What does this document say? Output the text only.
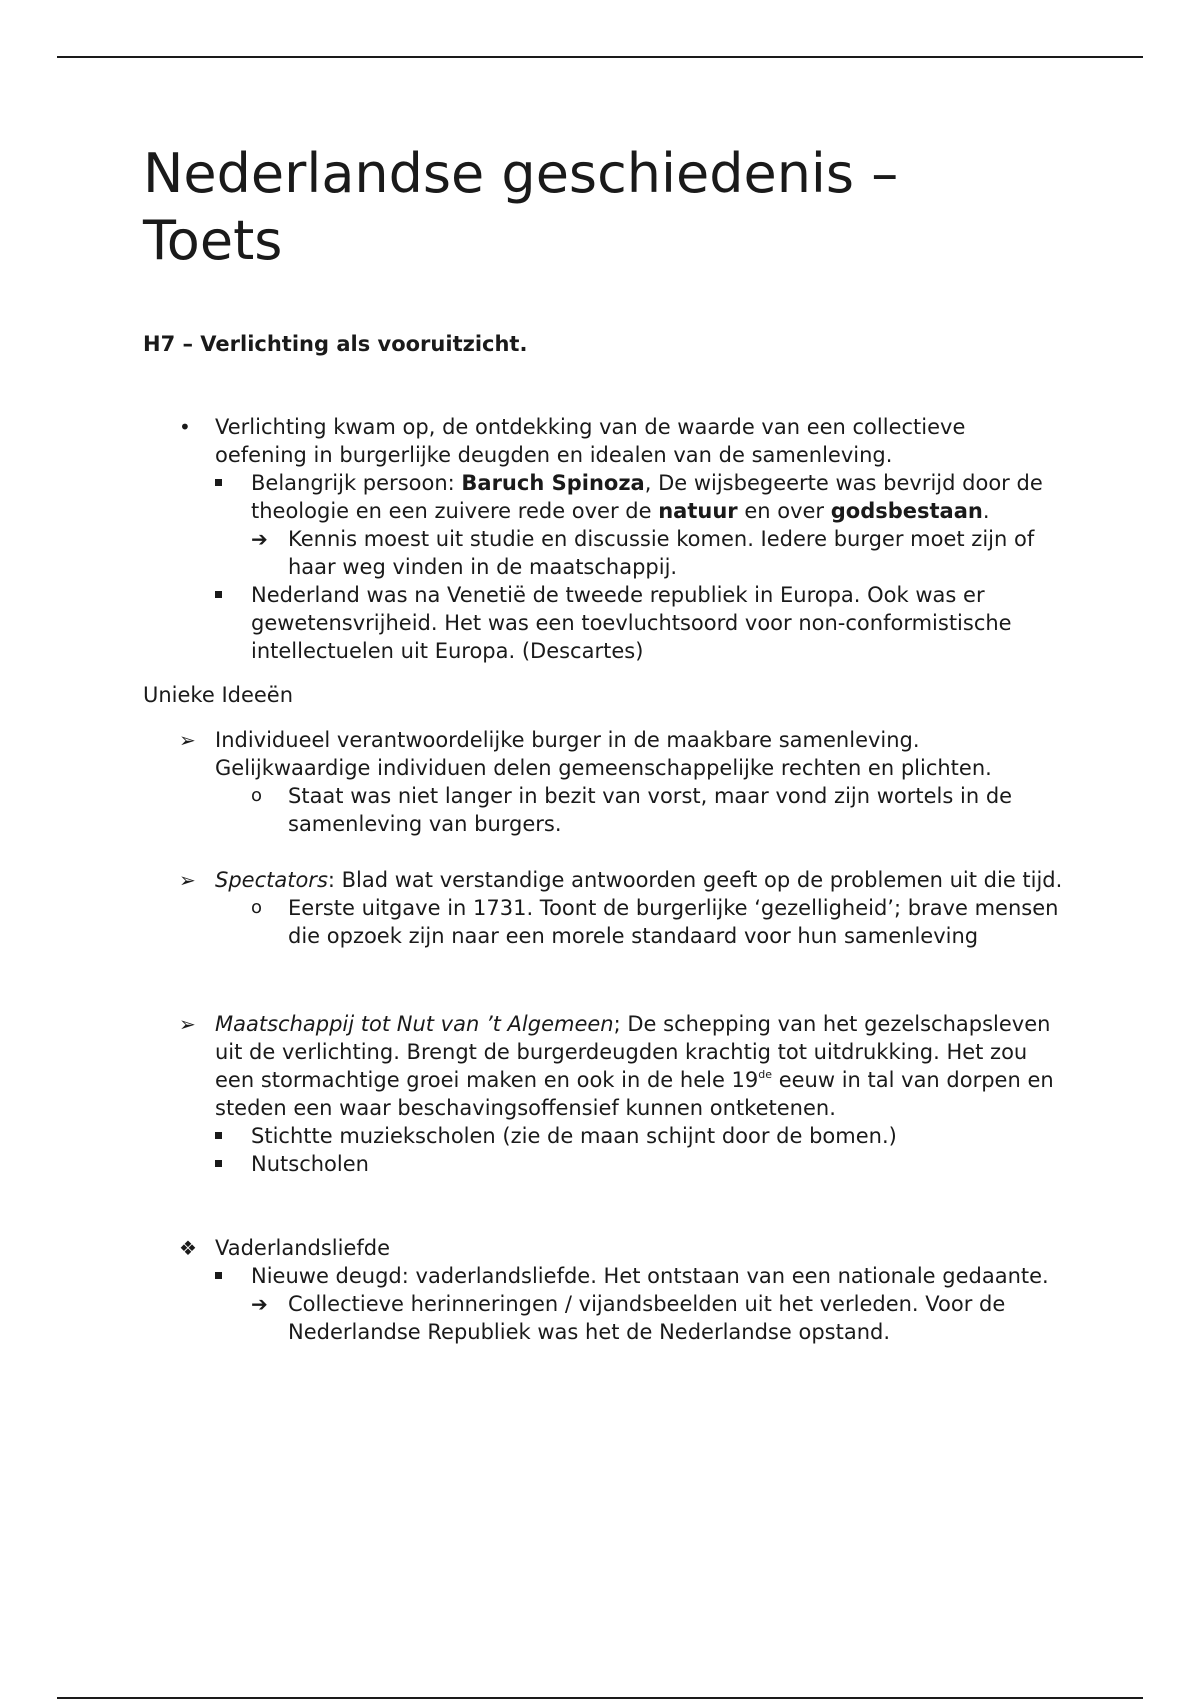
Nederlandse geschiedenis –
Toets
H7 – Verlichting als vooruitzicht.
•	Verlichting kwam op, de ontdekking van de waarde van een collectieve oefening in burgerlijke deugden en idealen van de samenleving.
Belangrijk persoon: Baruch Spinoza, De wijsbegeerte was bevrijd door de theologie en een zuivere rede over de natuur en over godsbestaan.
➔ Kennis moest uit studie en discussie komen. Iedere burger moet zijn of haar weg vinden in de maatschappij.
Nederland was na Venetië de tweede republiek in Europa. Ook was er gewetensvrijheid. Het was een toevluchtsoord voor non-conformistische intellectuelen uit Europa. (Descartes)
Unieke Ideeën
➢ Individueel verantwoordelijke burger in de maakbare samenleving. Gelijkwaardige individuen delen gemeenschappelijke rechten en plichten.
o	Staat was niet langer in bezit van vorst, maar vond zijn wortels in de samenleving van burgers.
➢ Spectators: Blad wat verstandige antwoorden geeft op de problemen uit die tijd.
o	Eerste uitgave in 1731. Toont de burgerlijke ‘gezelligheid’; brave mensen die opzoek zijn naar een morele standaard voor hun samenleving
➢ Maatschappij tot Nut van ’t Algemeen; De schepping van het gezelschapsleven uit de verlichting. Brengt de burgerdeugden krachtig tot uitdrukking. Het zou een stormachtige groei maken en ook in de hele 19de eeuw in tal van dorpen en steden een waar beschavingsoffensief kunnen ontketenen.
Stichtte muziekscholen (zie de maan schijnt door de bomen.)
Nutscholen
❖ Vaderlandsliefde
Nieuwe deugd: vaderlandsliefde. Het ontstaan van een nationale gedaante.
➔ Collectieve herinneringen / vijandsbeelden uit het verleden. Voor de Nederlandse Republiek was het de Nederlandse opstand.
